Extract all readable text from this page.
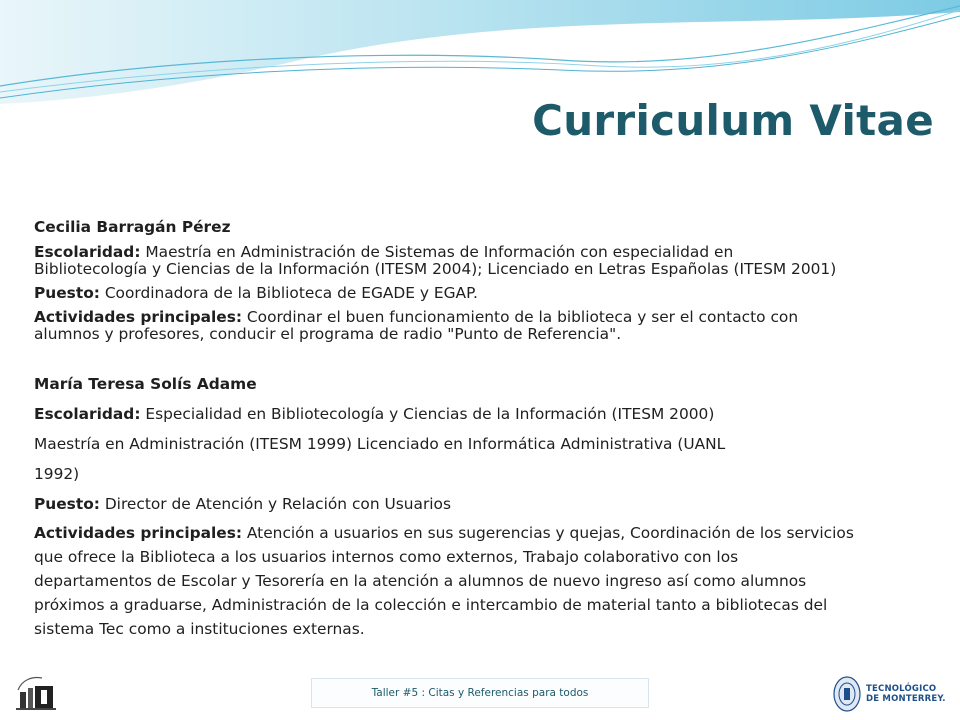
Curriculum Vitae
Cecilia Barragán Pérez
Escolaridad: Maestría en Administración de Sistemas de Información con especialidad en
Bibliotecología y Ciencias de la Información (ITESM 2004); Licenciado en Letras Españolas (ITESM 2001)
Puesto: Coordinadora de la Biblioteca de EGADE y EGAP.
Actividades principales: Coordinar el buen funcionamiento de la biblioteca y ser el contacto con
alumnos y profesores, conducir el programa de radio "Punto de Referencia".
María Teresa Solís Adame
Escolaridad: Especialidad en Bibliotecología y Ciencias de la Información (ITESM 2000)
Maestría en Administración (ITESM 1999) Licenciado en Informática Administrativa (UANL
1992)
Puesto: Director de Atención y Relación con Usuarios
Actividades principales: Atención a usuarios en sus sugerencias y quejas, Coordinación de los servicios
que ofrece la Biblioteca a los usuarios internos como externos, Trabajo colaborativo con los
departamentos de Escolar y Tesorería en la atención a alumnos de nuevo ingreso así como alumnos
próximos a graduarse, Administración de la colección e intercambio de material tanto a bibliotecas del
sistema Tec como a instituciones externas.
Taller #5 : Citas y Referencias para todos	TECNOLÓGICO
DE MONTERREY.
